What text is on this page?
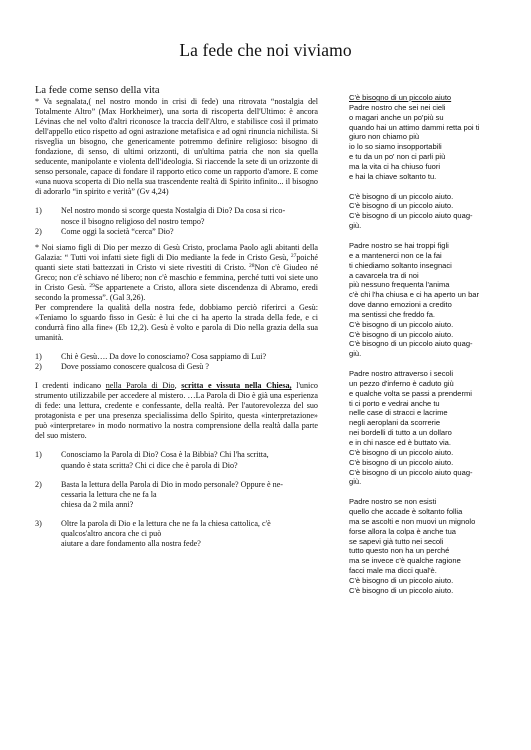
La fede che noi viviamo

La fede come senso della vita

* Va segnalata,( nel nostro mondo in crisi di fede) una ritrovata “nostalgia del Totalmente Altro” (Max Horkheimer), una sorta di riscoperta dell'Ultimo: è ancora Lévinas che nel volto d'altri riconosce la traccia dell'Altro, e stabilisce così il primato dell'appello etico rispetto ad ogni astrazione metafisica e ad ogni rinuncia nichilista. Si risveglia un bisogno, che genericamente potremmo definire religioso: bisogno di fondazione, di senso, di ultimi orizzonti, di un'ultima patria che non sia quella seducente, manipolante e violenta dell'ideologia. Si riaccende la sete di un orizzonte di senso personale, capace di fondare il rapporto etico come un rapporto d'amore. E come «una nuova scoperta di Dio nella sua trascendente realtà di Spirito infinito... il bisogno di adorarlo “in spirito e verità” (Gv 4,24)

1)	Nel nostro mondo si scorge questa Nostalgia di Dio? Da cosa si rico-
nosce il bisogno religioso del nostro tempo?
2)	Come oggi la società “cerca” Dio?

* Noi siamo figli di Dio per mezzo di Gesù Cristo, proclama Paolo agli abitanti della Galazia: “ Tutti voi infatti siete figli di Dio mediante la fede in Cristo Gesù, $^{27}$poiché quanti siete stati battezzati in Cristo vi siete rivestiti di Cristo. $^{28}$Non c'è Giudeo né Greco; non c'è schiavo né libero; non c'è maschio e femmina, perché tutti voi siete uno in Cristo Gesù. $^{29}$Se appartenete a Cristo, allora siete discendenza di Abramo, eredi secondo la promessa”. (Gal 3,26).

Per comprendere la qualità della nostra fede, dobbiamo perciò riferirci a Gesù: «Teniamo lo sguardo fisso in Gesù: è lui che ci ha aperto la strada della fede, e ci condurrà fino alla fine» (Eb 12,2). Gesù è volto e parola di Dio nella grazia della sua umanità.

1)	Chi è Gesù…. Da dove lo conosciamo? Cosa sappiamo di Lui?
2)	Dove possiamo conoscere qualcosa di Gesù ?

I credenti indicano nella Parola di Dio, scritta e vissuta nella Chiesa, l'unico strumento utilizzabile per accedere al mistero. …La Parola di Dio è già una esperienza di fede: una lettura, credente e confessante, della realtà. Per l'autorevolezza del suo protagonista e per una presenza specialissima dello Spirito, questa «interpretazione» può «interpretare» in modo normativo la nostra comprensione della realtà dalla parte del suo mistero.

1)	Conosciamo la Parola di Dio? Cosa è la Bibbia? Chi l'ha scritta,
quando è stata scritta? Chi ci dice che è parola di Dio?
2)	Basta la lettura della Parola di Dio in modo personale? Oppure è ne-
cessaria la lettura che ne fa la
chiesa da 2 mila anni?
3)	Oltre la parola di Dio e la lettura che ne fa la chiesa cattolica, c'è
qualcos'altro ancora che ci può
aiutare a dare fondamento alla nostra fede?
C'è bisogno di un piccolo aiuto
Padre nostro che sei nei cieli
o magari anche un po'più su
quando hai un attimo dammi retta poi ti
giuro non chiamo più
io lo so siamo insopportabili
e tu da un po' non ci parli più
ma la vita ci ha chiuso fuori
e hai la chiave soltanto tu.
C'è bisogno di un piccolo aiuto.
C'è bisogno di un piccolo aiuto.
C'è bisogno di un piccolo aiuto quag-
giù.
Padre nostro se hai troppi figli
e a mantenerci non ce la fai
ti chiediamo soltanto insegnaci
a cavarcela tra di noi
più nessuno frequenta l'anima
c'è chi l'ha chiusa e ci ha aperto un bar
dove danno emozioni a credito
ma sentissi che freddo fa.
C'è bisogno di un piccolo aiuto.
C'è bisogno di un piccolo aiuto.
C'è bisogno di un piccolo aiuto quag-
giù.
Padre nostro attraverso i secoli
un pezzo d'inferno è caduto giù
e qualche volta se passi a prendermi
ti ci porto e vedrai anche tu
nelle case di stracci e lacrime
negli aeroplani da scorrerie
nei bordelli di tutto a un dollaro
e in chi nasce ed è buttato via.
C'è bisogno di un piccolo aiuto.
C'è bisogno di un piccolo aiuto.
C'è bisogno di un piccolo aiuto quag-
giù.
Padre nostro se non esisti
quello che accade è soltanto follia
ma se ascolti e non muovi un mignolo
forse allora la colpa è anche tua
se sapevi già tutto nei secoli
tutto questo non ha un perché
ma se invece c'è qualche ragione
facci male ma dicci qual'è.
C'è bisogno di un piccolo aiuto.
C'è bisogno di un piccolo aiuto.
